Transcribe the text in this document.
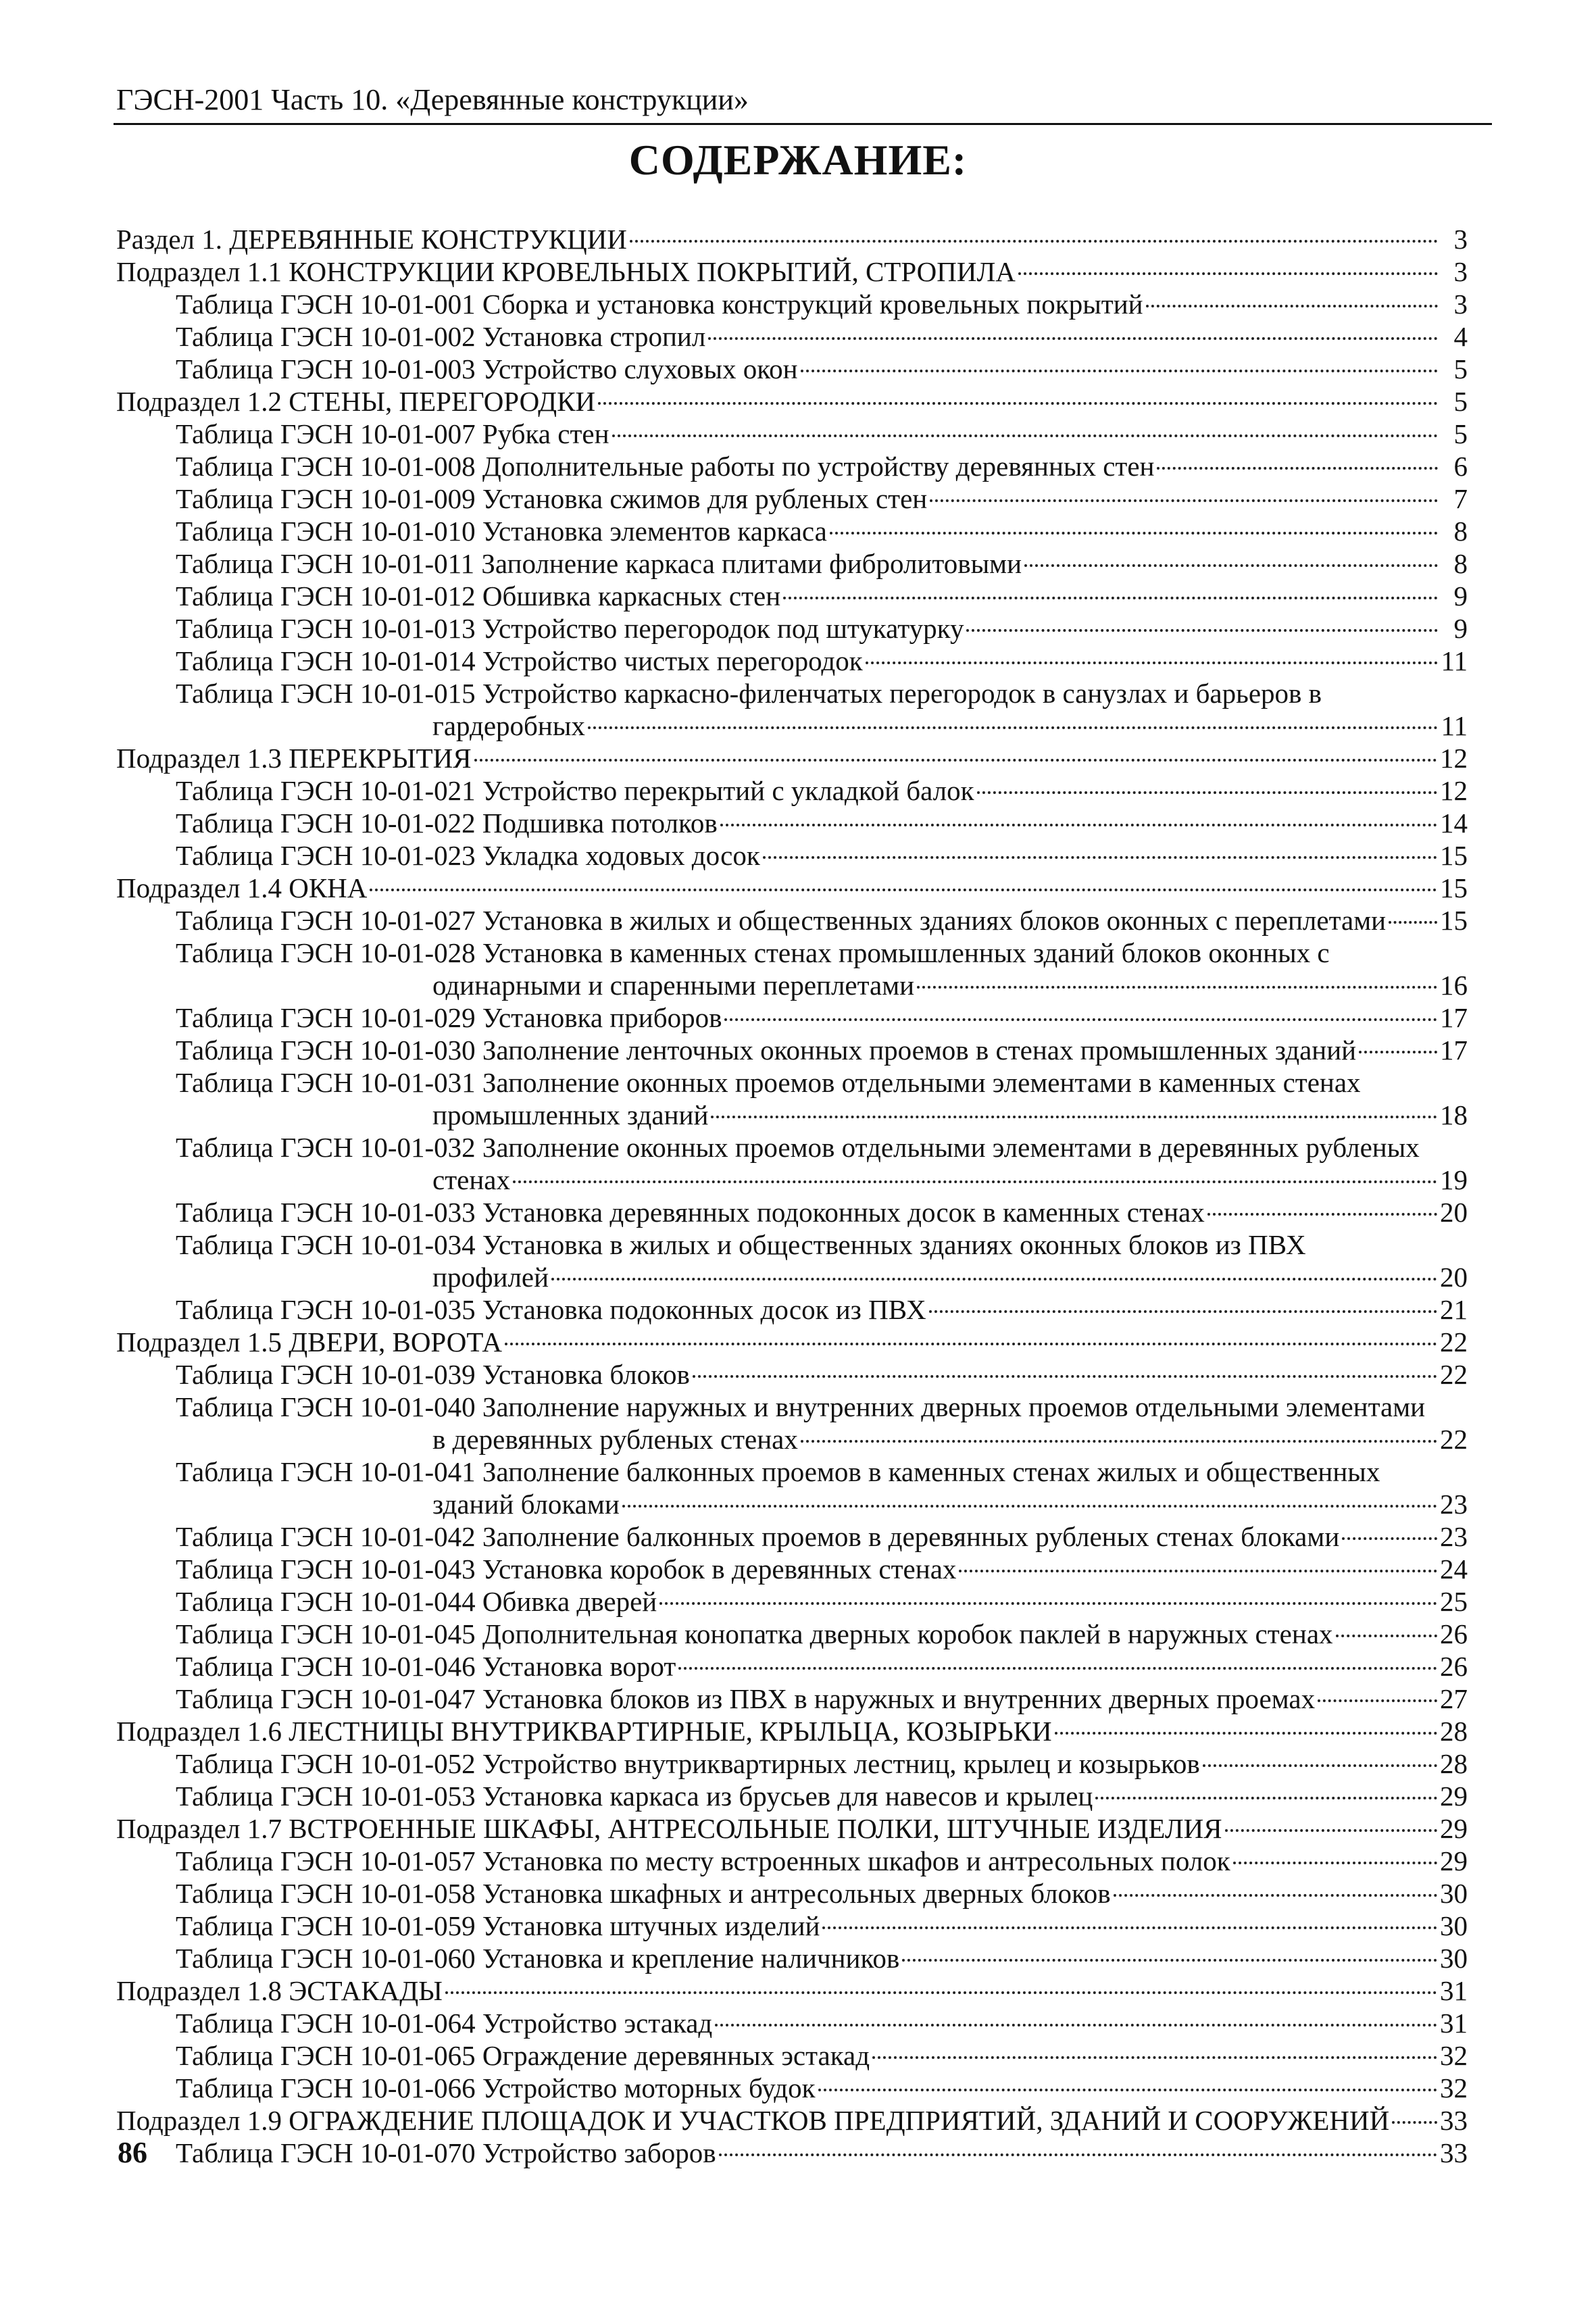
ГЭСН-2001 Часть 10. «Деревянные конструкции»
СОДЕРЖАНИЕ:
Раздел 1. ДЕРЕВЯННЫЕ КОНСТРУКЦИИ	3
Подраздел 1.1 КОНСТРУКЦИИ КРОВЕЛЬНЫХ ПОКРЫТИЙ, СТРОПИЛА	3
Таблица ГЭСН 10-01-001 Сборка и установка конструкций кровельных покрытий	3
Таблица ГЭСН 10-01-002 Установка стропил	4
Таблица ГЭСН 10-01-003 Устройство слуховых окон	5
Подраздел 1.2 СТЕНЫ, ПЕРЕГОРОДКИ	5
Таблица ГЭСН 10-01-007 Рубка стен	5
Таблица ГЭСН 10-01-008 Дополнительные работы по устройству деревянных стен	6
Таблица ГЭСН 10-01-009 Установка сжимов для рубленых стен	7
Таблица ГЭСН 10-01-010 Установка элементов каркаса	8
Таблица ГЭСН 10-01-011 Заполнение каркаса плитами фибролитовыми	8
Таблица ГЭСН 10-01-012 Обшивка каркасных стен	9
Таблица ГЭСН 10-01-013 Устройство перегородок под штукатурку	9
Таблица ГЭСН 10-01-014 Устройство чистых перегородок	11
Таблица ГЭСН 10-01-015 Устройство каркасно-филенчатых перегородок в санузлах и барьеров в
гардеробных	11
Подраздел 1.3 ПЕРЕКРЫТИЯ	12
Таблица ГЭСН 10-01-021 Устройство перекрытий с укладкой балок	12
Таблица ГЭСН 10-01-022 Подшивка потолков	14
Таблица ГЭСН 10-01-023 Укладка ходовых досок	15
Подраздел 1.4 ОКНА	15
Таблица ГЭСН 10-01-027 Установка в жилых и общественных зданиях блоков оконных с переплетами 15
Таблица ГЭСН 10-01-028 Установка в каменных стенах промышленных зданий блоков оконных с
одинарными и спаренными переплетами	16
Таблица ГЭСН 10-01-029 Установка приборов	17
Таблица ГЭСН 10-01-030 Заполнение ленточных оконных проемов в стенах промышленных зданий	17
Таблица ГЭСН 10-01-031 Заполнение оконных проемов отдельными элементами в каменных стенах
промышленных зданий	18
Таблица ГЭСН 10-01-032 Заполнение оконных проемов отдельными элементами в деревянных рубленых
стенах	19
Таблица ГЭСН 10-01-033 Установка деревянных подоконных досок в каменных стенах	20
Таблица ГЭСН 10-01-034 Установка в жилых и общественных зданиях оконных блоков из ПВХ
профилей	20
Таблица ГЭСН 10-01-035 Установка подоконных досок из ПВХ	21
Подраздел 1.5 ДВЕРИ, ВОРОТА	22
Таблица ГЭСН 10-01-039 Установка блоков	22
Таблица ГЭСН 10-01-040 Заполнение наружных и внутренних дверных проемов отдельными элементами
в деревянных рубленых стенах	22
Таблица ГЭСН 10-01-041 Заполнение балконных проемов в каменных стенах жилых и общественных
зданий блоками	23
Таблица ГЭСН 10-01-042 Заполнение балконных проемов в деревянных рубленых стенах блоками	23
Таблица ГЭСН 10-01-043 Установка коробок в деревянных стенах	24
Таблица ГЭСН 10-01-044 Обивка дверей	25
Таблица ГЭСН 10-01-045 Дополнительная конопатка дверных коробок паклей в наружных стенах	26
Таблица ГЭСН 10-01-046 Установка ворот	26
Таблица ГЭСН 10-01-047 Установка блоков из ПВХ в наружных и внутренних дверных проемах	27
Подраздел 1.6 ЛЕСТНИЦЫ ВНУТРИКВАРТИРНЫЕ, КРЫЛЬЦА, КОЗЫРЬКИ	28
Таблица ГЭСН 10-01-052 Устройство внутриквартирных лестниц, крылец и козырьков	28
Таблица ГЭСН 10-01-053 Установка каркаса из брусьев для навесов и крылец	29
Подраздел 1.7 ВСТРОЕННЫЕ ШКАФЫ, АНТРЕСОЛЬНЫЕ ПОЛКИ, ШТУЧНЫЕ ИЗДЕЛИЯ	29
Таблица ГЭСН 10-01-057 Установка по месту встроенных шкафов и антресольных полок	29
Таблица ГЭСН 10-01-058 Установка шкафных и антресольных дверных блоков	30
Таблица ГЭСН 10-01-059 Установка штучных изделий	30
Таблица ГЭСН 10-01-060 Установка и крепление наличников	30
Подраздел 1.8 ЭСТАКАДЫ	31
Таблица ГЭСН 10-01-064 Устройство эстакад	31
Таблица ГЭСН 10-01-065 Ограждение деревянных эстакад	32
Таблица ГЭСН 10-01-066 Устройство моторных будок	32
Подраздел 1.9 ОГРАЖДЕНИЕ ПЛОЩАДОК И УЧАСТКОВ ПРЕДПРИЯТИЙ, ЗДАНИЙ И СООРУЖЕНИЙ 33
Таблица ГЭСН 10-01-070 Устройство заборов	33
86
